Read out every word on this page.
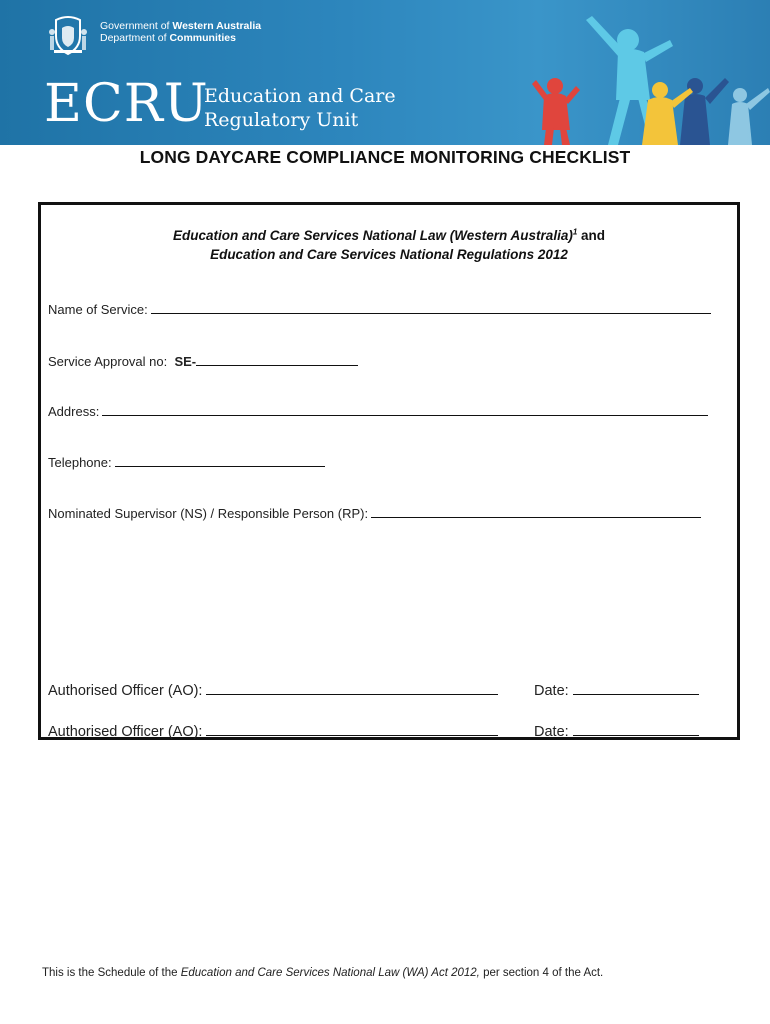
Government of Western Australia
Department of Communities
ECRU
Education and Care
Regulatory Unit
LONG DAYCARE COMPLIANCE MONITORING CHECKLIST
Education and Care Services National Law (Western Australia)$^1$ and
Education and Care Services National Regulations 2012
Name of Service:
Service Approval no: SE-
Address:
Telephone:
Nominated Supervisor (NS) / Responsible Person (RP):
Authorised Officer (AO):	Date:
Authorised Officer (AO):	Date:
This is the Schedule of the Education and Care Services National Law (WA) Act 2012, per section 4 of the Act.
